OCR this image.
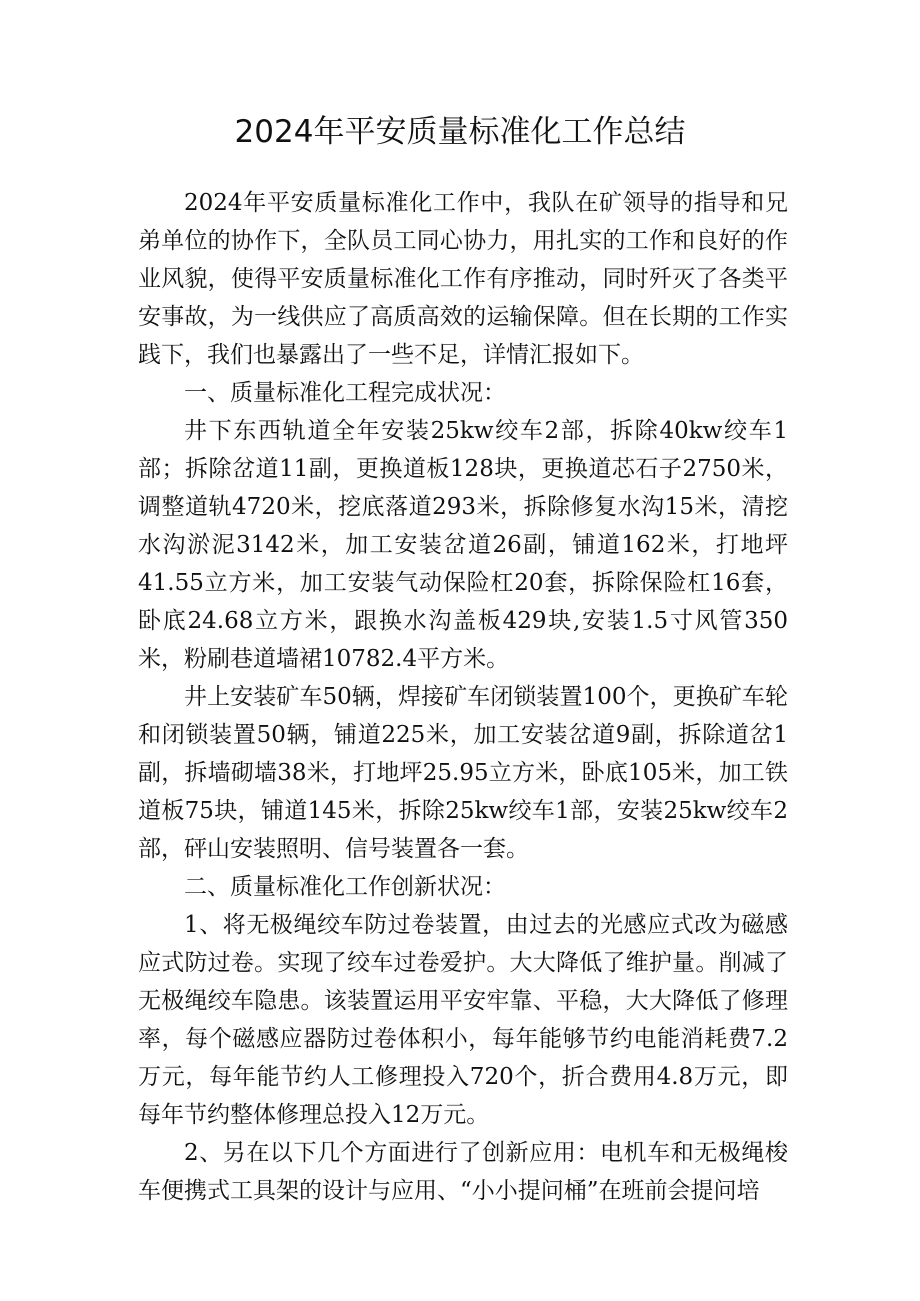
2024年平安质量标准化工作总结

2024年平安质量标准化工作中，我队在矿领导的指导和兄弟单位的协作下，全队员工同心协力，用扎实的工作和良好的作业风貌，使得平安质量标准化工作有序推动，同时歼灭了各类平安事故，为一线供应了高质高效的运输保障。但在长期的工作实践下，我们也暴露出了一些不足，详情汇报如下。

一、质量标准化工程完成状况：

井下东西轨道全年安装25kw绞车2部，拆除40kw绞车1部；拆除岔道11副，更换道板128块，更换道芯石子2750米，调整道轨4720米，挖底落道293米，拆除修复水沟15米，清挖水沟淤泥3142米，加工安装岔道26副，铺道162米，打地坪41.55立方米，加工安装气动保险杠20套，拆除保险杠16套，卧底24.68立方米，跟换水沟盖板429块,安装1.5寸风管350米，粉刷巷道墙裙10782.4平方米。

井上安装矿车50辆，焊接矿车闭锁装置100个，更换矿车轮和闭锁装置50辆，铺道225米，加工安装岔道9副，拆除道岔1副，拆墙砌墙38米，打地坪25.95立方米，卧底105米，加工铁道板75块，铺道145米，拆除25kw绞车1部，安装25kw绞车2部，砰山安装照明、信号装置各一套。

二、质量标准化工作创新状况：

1、将无极绳绞车防过卷装置，由过去的光感应式改为磁感应式防过卷。实现了绞车过卷爱护。大大降低了维护量。削减了无极绳绞车隐患。该装置运用平安牢靠、平稳，大大降低了修理率，每个磁感应器防过卷体积小，每年能够节约电能消耗费7.2万元，每年能节约人工修理投入720个，折合费用4.8万元，即每年节约整体修理总投入12万元。

2、另在以下几个方面进行了创新应用：电机车和无极绳梭车便携式工具架的设计与应用、“小小提问桶”在班前会提问培
